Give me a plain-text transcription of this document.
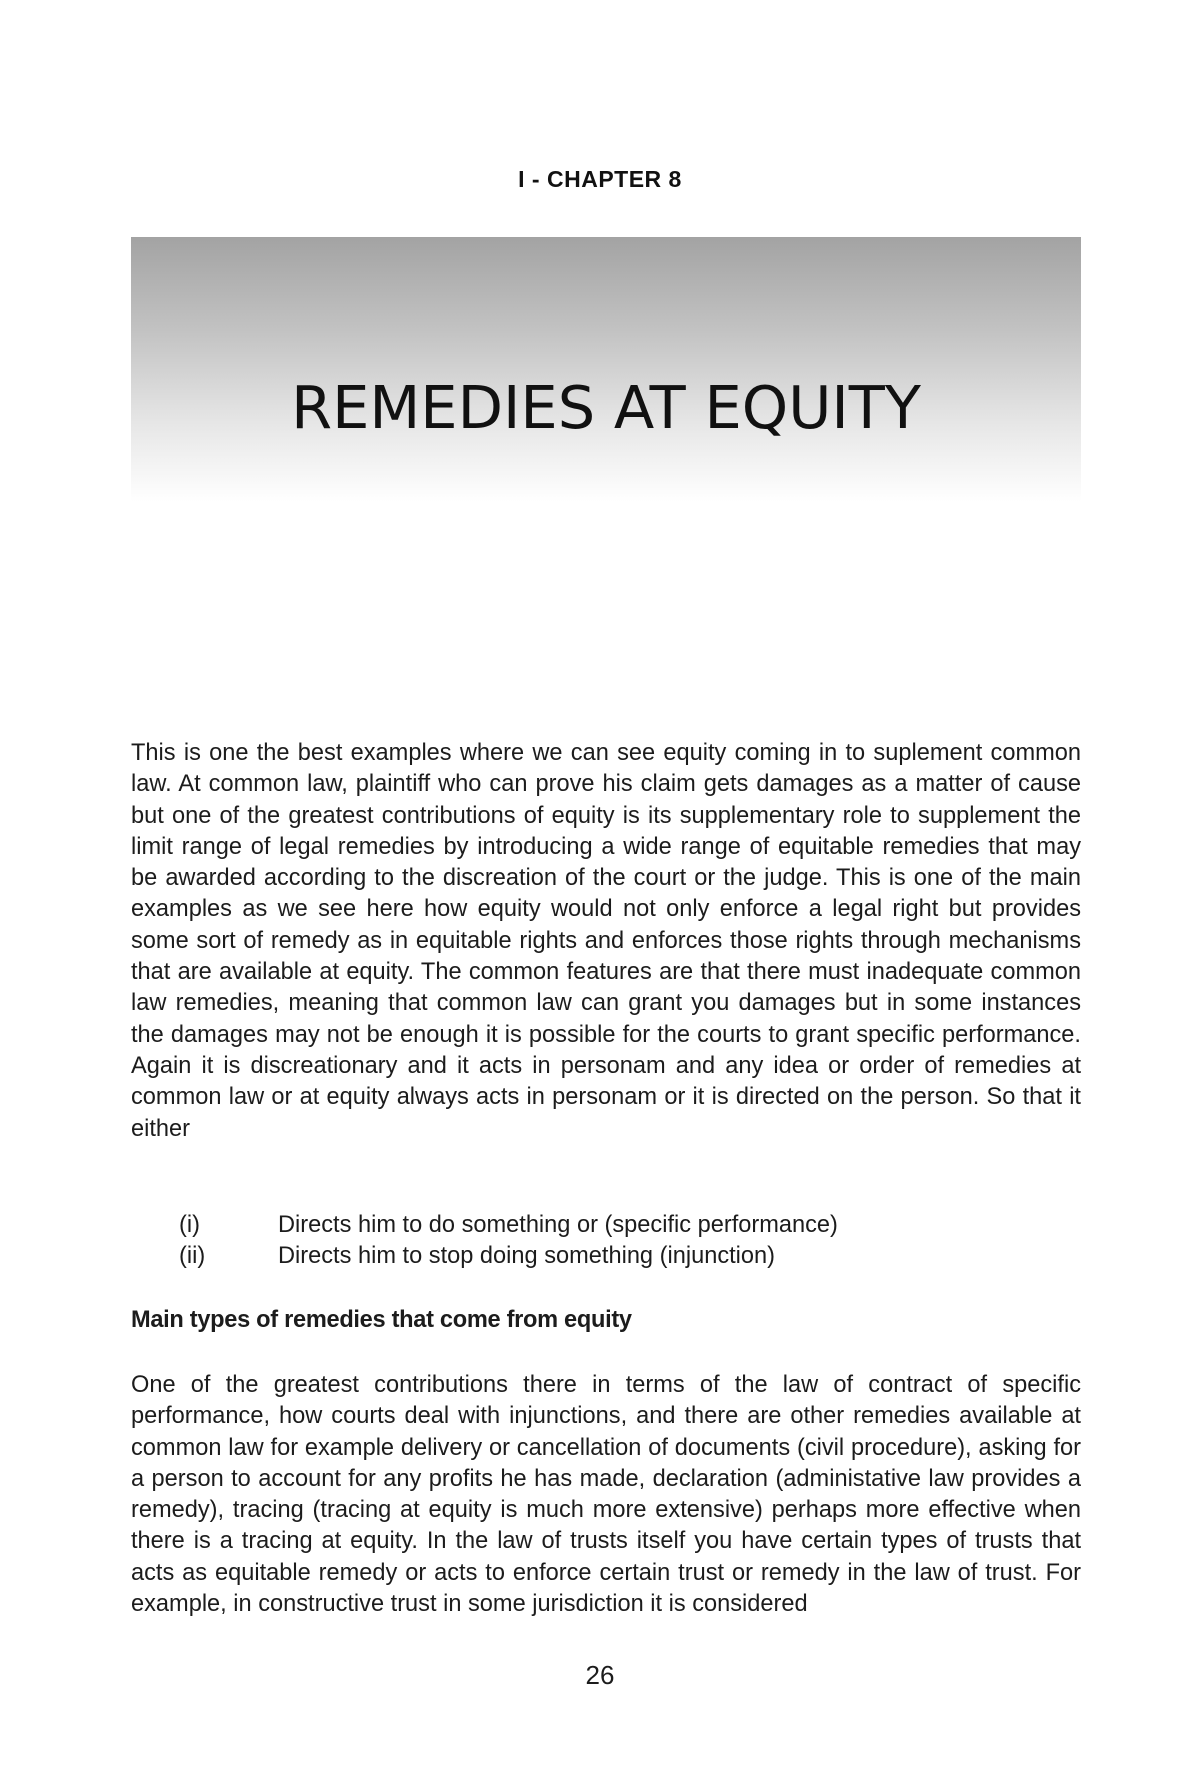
I - CHAPTER 8
REMEDIES AT EQUITY

This is one the best examples where we can see equity coming in to suplement common law. At common law, plaintiff who can prove his claim gets damages as a matter of cause but one of the greatest contributions of equity is its supplementary role to supplement the limit range of legal remedies by introducing a wide range of equitable remedies that may be awarded according to the discreation of the court or the judge. This is one of the main examples as we see here how equity would not only enforce a legal right but provides some sort of remedy as in equitable rights and enforces those rights through mechanisms that are available at equity. The common features are that there must inadequate common law remedies, meaning that common law can grant you damages but in some instances the damages may not be enough it is possible for the courts to grant specific performance. Again it is discreationary and it acts in personam and any idea or order of remedies at common law or at equity always acts in personam or it is directed on the person. So that it either

(i)	Directs him to do something or (specific performance)
(ii)	Directs him to stop doing something (injunction)

Main types of remedies that come from equity

One of the greatest contributions there in terms of the law of contract of specific performance, how courts deal with injunctions, and there are other remedies available at common law for example delivery or cancellation of documents (civil procedure), asking for a person to account for any profits he has made, declaration (administative law provides a remedy), tracing (tracing at equity is much more extensive) perhaps more effective when there is a tracing at equity. In the law of trusts itself you have certain types of trusts that acts as equitable remedy or acts to enforce certain trust or remedy in the law of trust. For example, in constructive trust in some jurisdiction it is considered

26
